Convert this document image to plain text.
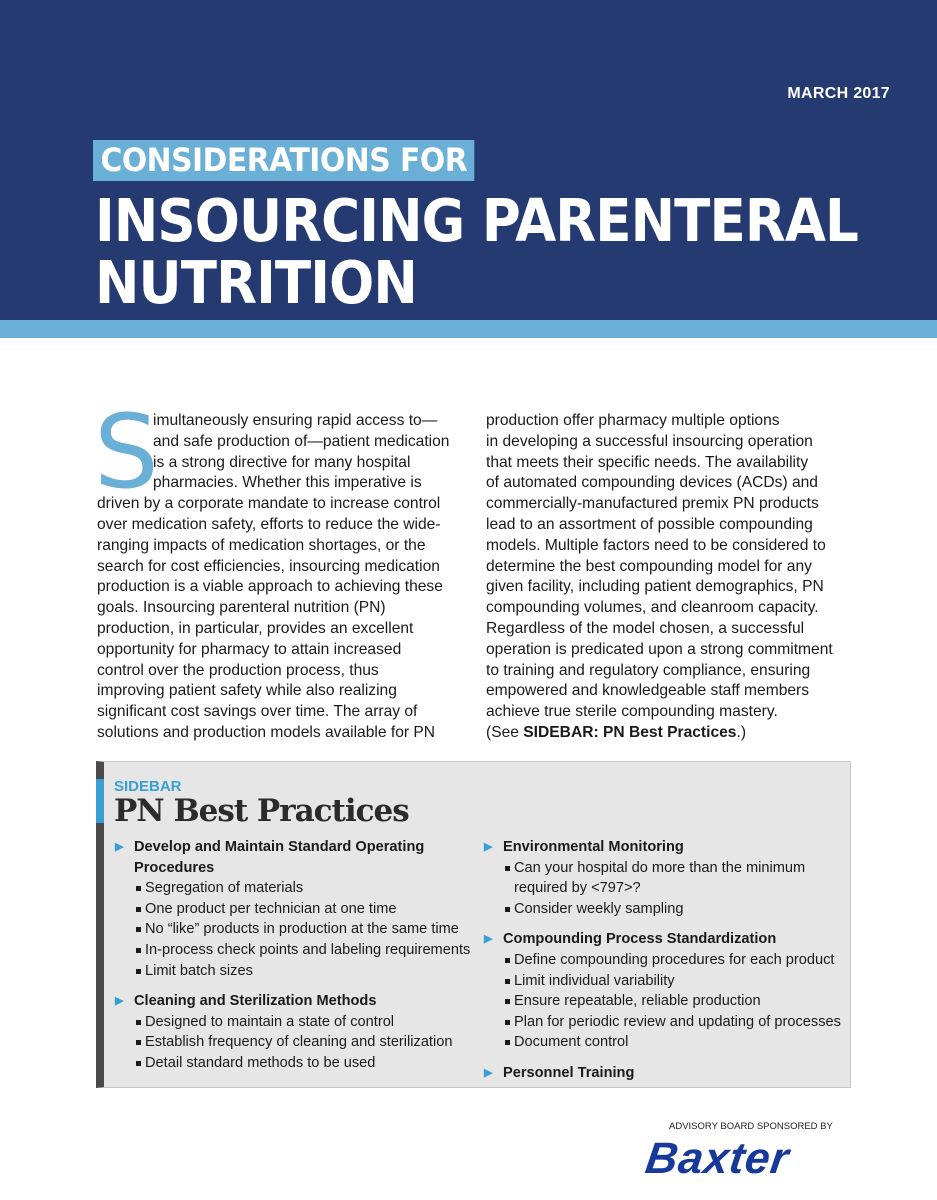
MARCH 2017
CONSIDERATIONS FOR
INSOURCING PARENTERAL
NUTRITION
S
imultaneously ensuring rapid access to—
and safe production of—patient medication
is a strong directive for many hospital
pharmacies. Whether this imperative is
driven by a corporate mandate to increase control
over medication safety, efforts to reduce the wide-
ranging impacts of medication shortages, or the
search for cost efficiencies, insourcing medication
production is a viable approach to achieving these
goals. Insourcing parenteral nutrition (PN)
production, in particular, provides an excellent
opportunity for pharmacy to attain increased
control over the production process, thus
improving patient safety while also realizing
significant cost savings over time. The array of
solutions and production models available for PN
production offer pharmacy multiple options
in developing a successful insourcing operation
that meets their specific needs. The availability
of automated compounding devices (ACDs) and
commercially-manufactured premix PN products
lead to an assortment of possible compounding
models. Multiple factors need to be considered to
determine the best compounding model for any
given facility, including patient demographics, PN
compounding volumes, and cleanroom capacity.
Regardless of the model chosen, a successful
operation is predicated upon a strong commitment
to training and regulatory compliance, ensuring
empowered and knowledgeable staff members
achieve true sterile compounding mastery.
(See SIDEBAR: PN Best Practices.)
SIDEBAR
PN Best Practices
▶ Develop and Maintain Standard Operating
Procedures
Segregation of materials
One product per technician at one time
No “like” products in production at the same time
In-process check points and labeling requirements
Limit batch sizes
▶ Cleaning and Sterilization Methods
Designed to maintain a state of control
Establish frequency of cleaning and sterilization
Detail standard methods to be used
▶ Environmental Monitoring
Can your hospital do more than the minimum
required by <797>?
Consider weekly sampling
▶ Compounding Process Standardization
Define compounding procedures for each product
Limit individual variability
Ensure repeatable, reliable production
Plan for periodic review and updating of processes
Document control
▶ Personnel Training
ADVISORY BOARD SPONSORED BY
Baxter
